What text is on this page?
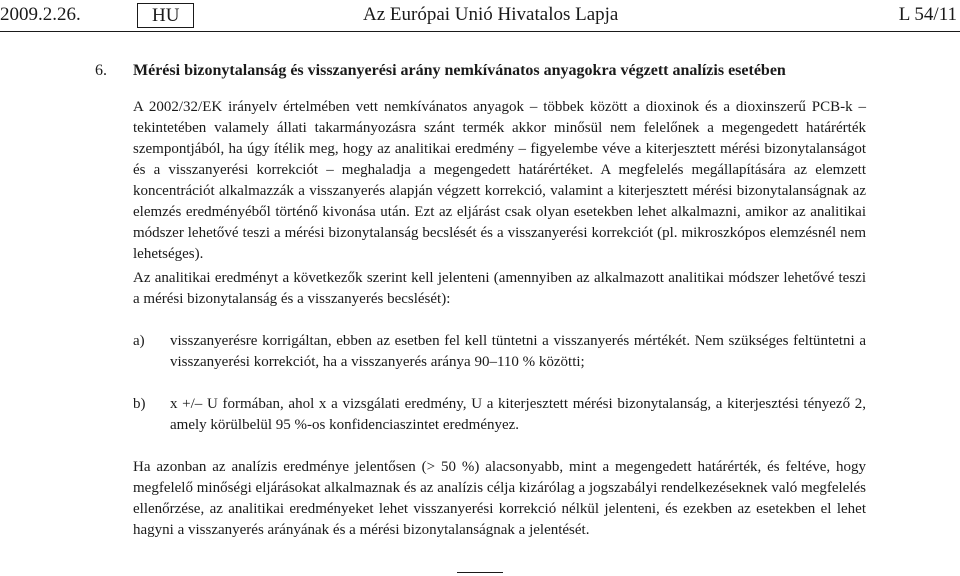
2009.2.26.	HU	Az Európai Unió Hivatalos Lapja	L 54/11
6. Mérési bizonytalanság és visszanyerési arány nemkívánatos anyagokra végzett analízis esetében
A 2002/32/EK irányelv értelmében vett nemkívánatos anyagok – többek között a dioxinok és a dioxinszerű PCB-k – tekintetében valamely állati takarmányozásra szánt termék akkor minősül nem felelőnek a megengedett határérték szempontjából, ha úgy ítélik meg, hogy az analitikai eredmény – figyelembe véve a kiterjesztett mérési bizonytalanságot és a visszanyerési korrekciót – meghaladja a megengedett határértéket. A megfelelés megállapítására az elemzett koncentrációt alkalmazzák a visszanyerés alapján végzett korrekció, valamint a kiterjesztett mérési bizonytalanságnak az elemzés eredményéből történő kivonása után. Ezt az eljárást csak olyan esetekben lehet alkalmazni, amikor az analitikai módszer lehetővé teszi a mérési bizonytalanság becslését és a visszanyerési korrekciót (pl. mikroszkópos elemzésnél nem lehetséges).
Az analitikai eredményt a következők szerint kell jelenteni (amennyiben az alkalmazott analitikai módszer lehetővé teszi a mérési bizonytalanság és a visszanyerés becslését):
a) visszanyerésre korrigáltan, ebben az esetben fel kell tüntetni a visszanyerés mértékét. Nem szükséges feltüntetni a visszanyerési korrekciót, ha a visszanyerés aránya 90–110 % közötti;
b) x +/– U formában, ahol x a vizsgálati eredmény, U a kiterjesztett mérési bizonytalanság, a kiterjesztési tényező 2, amely körülbelül 95 %-os konfidenciaszintet eredményez.
Ha azonban az analízis eredménye jelentősen (> 50 %) alacsonyabb, mint a megengedett határérték, és feltéve, hogy megfelelő minőségi eljárásokat alkalmaznak és az analízis célja kizárólag a jogszabályi rendelkezéseknek való megfelelés ellenőrzése, az analitikai eredményeket lehet visszanyerési korrekció nélkül jelenteni, és ezekben az esetekben el lehet hagyni a visszanyerés arányának és a mérési bizonytalanságnak a jelentését.
